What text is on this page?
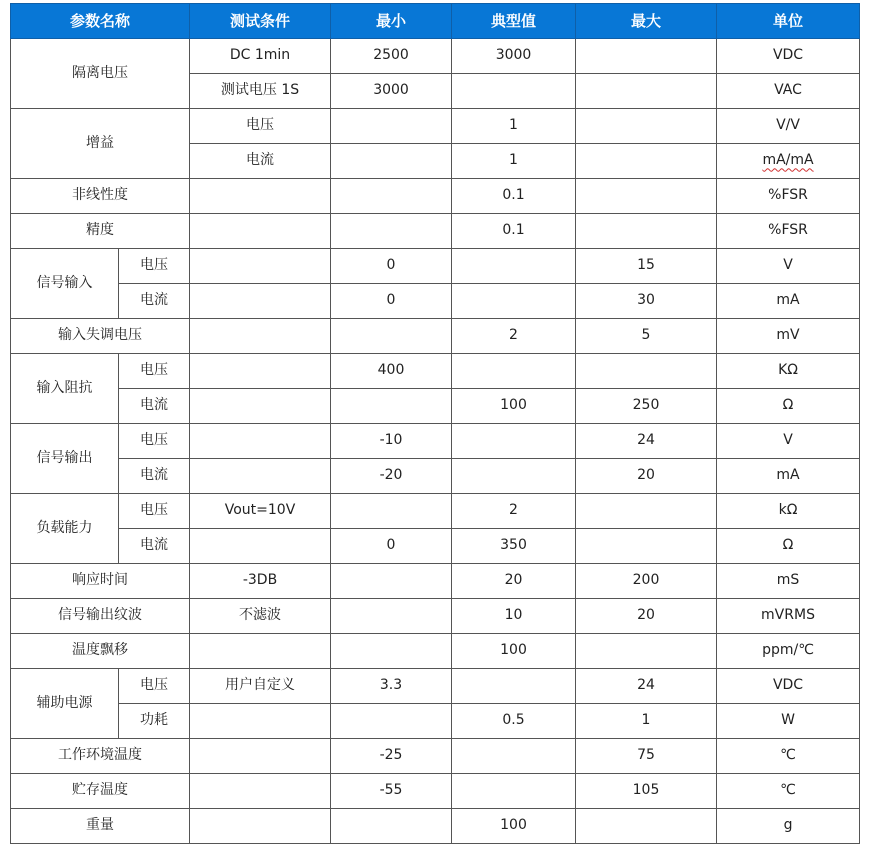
参数名称		测试条件	最小	典型值	最大	单位
隔离电压		DC 1min	2500	3000		VDC
		测试电压 1S	3000			VAC
增益		电压		1		V/V
		电流		1		mA/mA
非线性度				0.1		%FSR
精度				0.1		%FSR
信号输入	电压		0		15	V
	电流		0		30	mA
输入失调电压				2	5	mV
输入阻抗	电压		400			KΩ
	电流			100	250	Ω
信号输出	电压		-10		24	V
	电流		-20		20	mA
负载能力	电压	Vout=10V		2		kΩ
	电流		0	350		Ω
响应时间		-3DB		20	200	mS
信号输出纹波		不滤波		10	20	mVRMS
温度飘移				100		ppm/℃
辅助电源	电压	用户自定义	3.3		24	VDC
	功耗			0.5	1	W
工作环境温度			-25		75	℃
贮存温度			-55		105	℃
重量				100		g
